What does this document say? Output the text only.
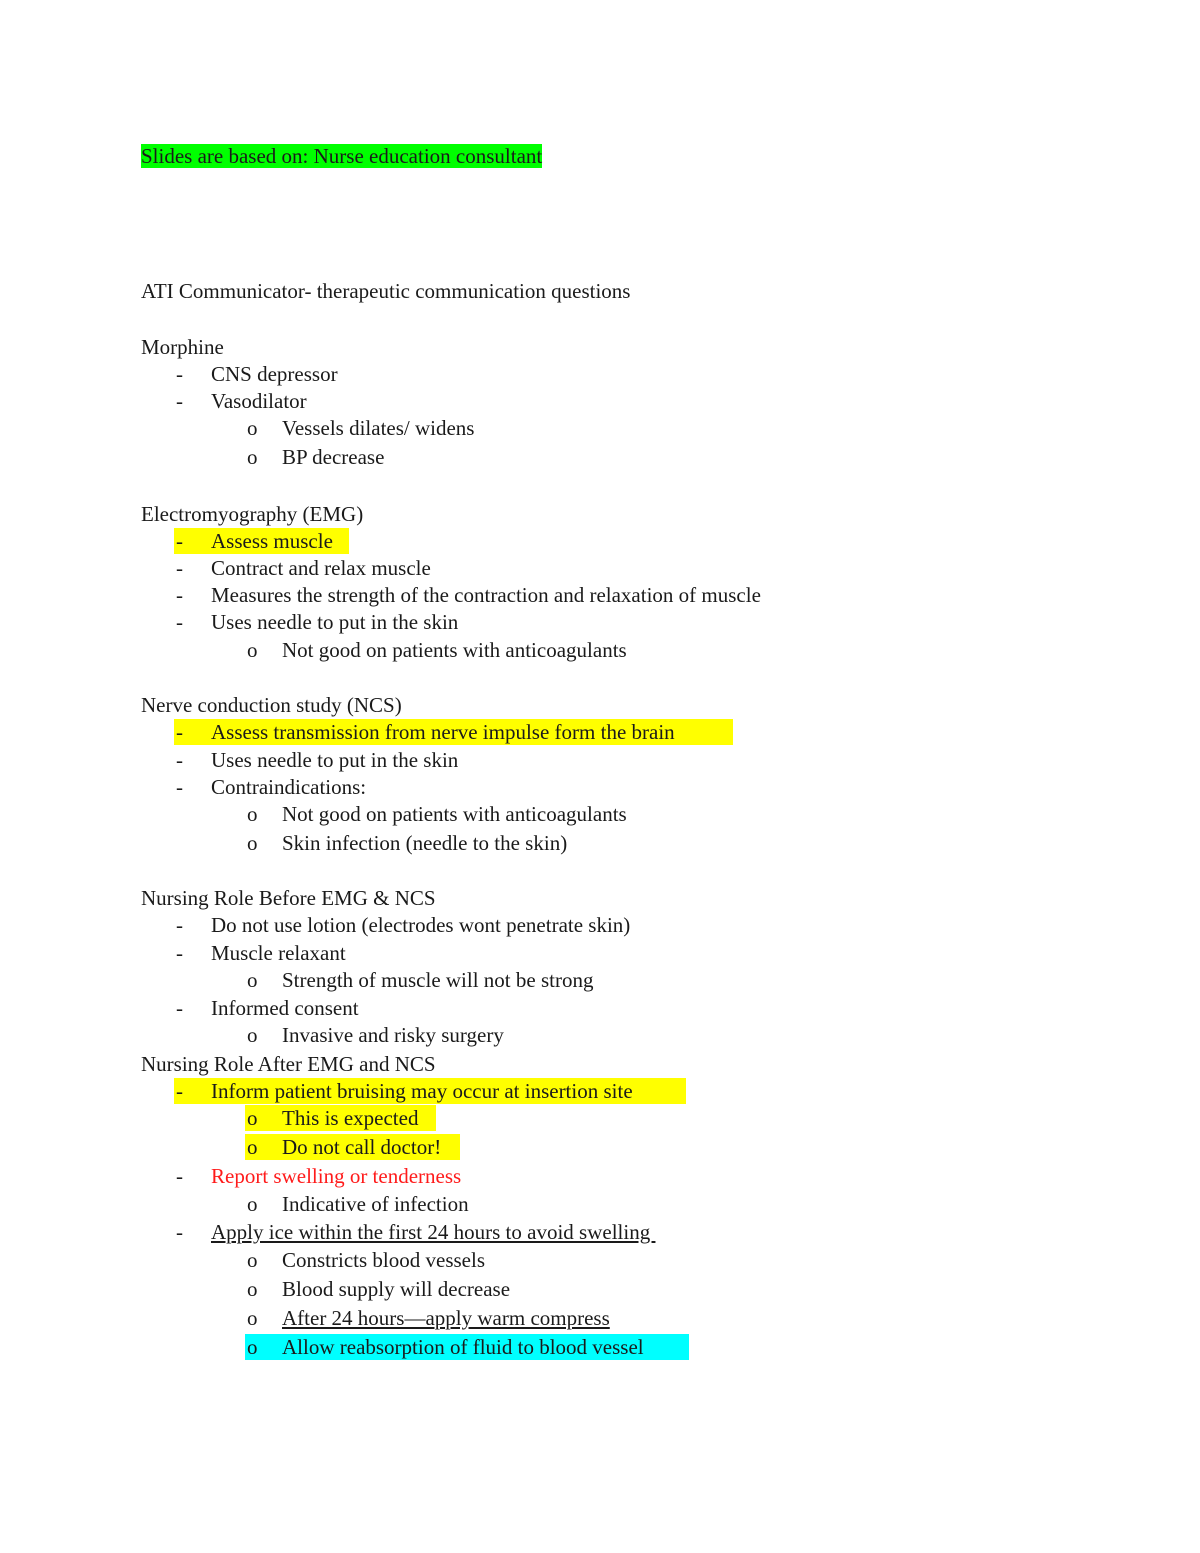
Slides are based on: Nurse education consultant
ATI Communicator- therapeutic communication questions
Morphine
- CNS depressor
- Vasodilator
o Vessels dilates/ widens
o BP decrease
Electromyography (EMG)
- Assess muscle
- Contract and relax muscle
- Measures the strength of the contraction and relaxation of muscle
- Uses needle to put in the skin
o Not good on patients with anticoagulants
Nerve conduction study (NCS)
- Assess transmission from nerve impulse form the brain
- Uses needle to put in the skin
- Contraindications:
o Not good on patients with anticoagulants
o Skin infection (needle to the skin)
Nursing Role Before EMG & NCS
- Do not use lotion (electrodes wont penetrate skin)
- Muscle relaxant
o Strength of muscle will not be strong
- Informed consent
o Invasive and risky surgery
Nursing Role After EMG and NCS
- Inform patient bruising may occur at insertion site
o This is expected
o Do not call doctor!
- Report swelling or tenderness
o Indicative of infection
- Apply ice within the first 24 hours to avoid swelling
o Constricts blood vessels
o Blood supply will decrease
o After 24 hours—apply warm compress
o Allow reabsorption of fluid to blood vessel
